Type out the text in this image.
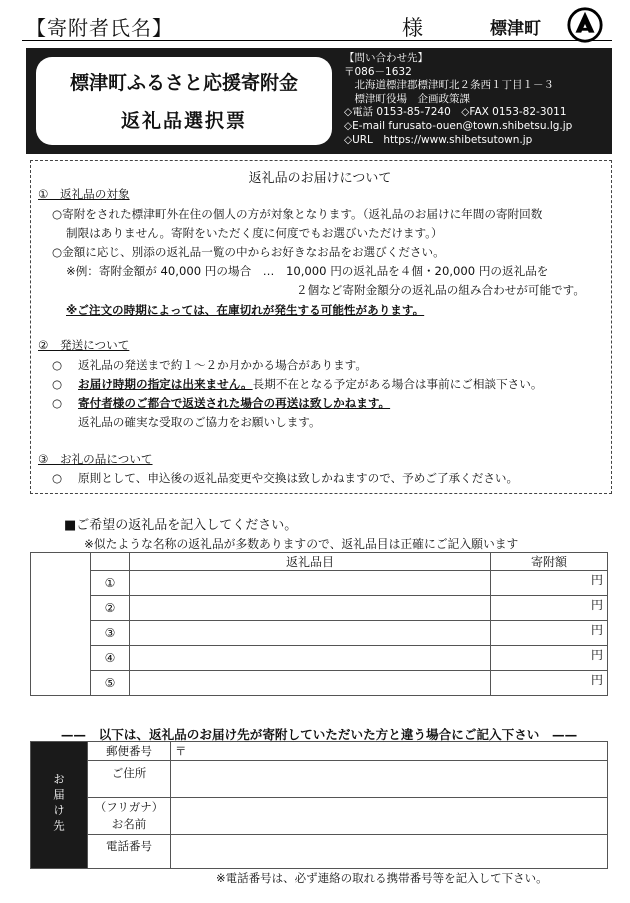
【寄附者氏名】	様	標津町
標津町ふるさと応援寄附金
返礼品選択票
【問い合わせ先】
〒086－1632
　北海道標津郡標津町北２条西１丁目１－３
　標津町役場　企画政策課
◇電話 0153-85-7240　◇FAX 0153-82-3011
◇E-mail furusato-ouen@town.shibetsu.lg.jp
◇URL　https://www.shibetsutown.jp
返礼品のお届けについて
①　返礼品の対象
○寄附をされた標津町外在住の個人の方が対象となります。（返礼品のお届けに年間の寄附回数
制限はありません。寄附をいただく度に何度でもお選びいただけます。）
○金額に応じ、別添の返礼品一覧の中からお好きなお品をお選びください。
※例：寄附金額が 40,000 円の場合　…　10,000 円の返礼品を４個・20,000 円の返礼品を
２個など寄附金額分の返礼品の組み合わせが可能です。
※ご注文の時期によっては、在庫切れが発生する可能性があります。
②　発送について
○ 返礼品の発送まで約１～２か月かかる場合があります。
○ お届け時期の指定は出来ません。長期不在となる予定がある場合は事前にご相談下さい。
○ 寄付者様のご都合で返送された場合の再送は致しかねます。
返礼品の確実な受取のご協力をお願いします。
③　お礼の品について
○ 原則として、申込後の返礼品変更や交換は致しかねますので、予めご了承ください。
■ご希望の返礼品を記入してください。
※似たような名称の返礼品が多数ありますので、返礼品目は正確にご記入願います
返礼品		返礼品目	寄附額
	①		円
	②		円
	③		円
	④		円
	⑤		円
——　以下は、返礼品のお届け先が寄附していただいた方と違う場合にご記入下さい　——
お届け先	郵便番号	〒
	ご住所	

	（フリガナ）
お名前	

	電話番号	
※電話番号は、必ず連絡の取れる携帯番号等を記入して下さい。
